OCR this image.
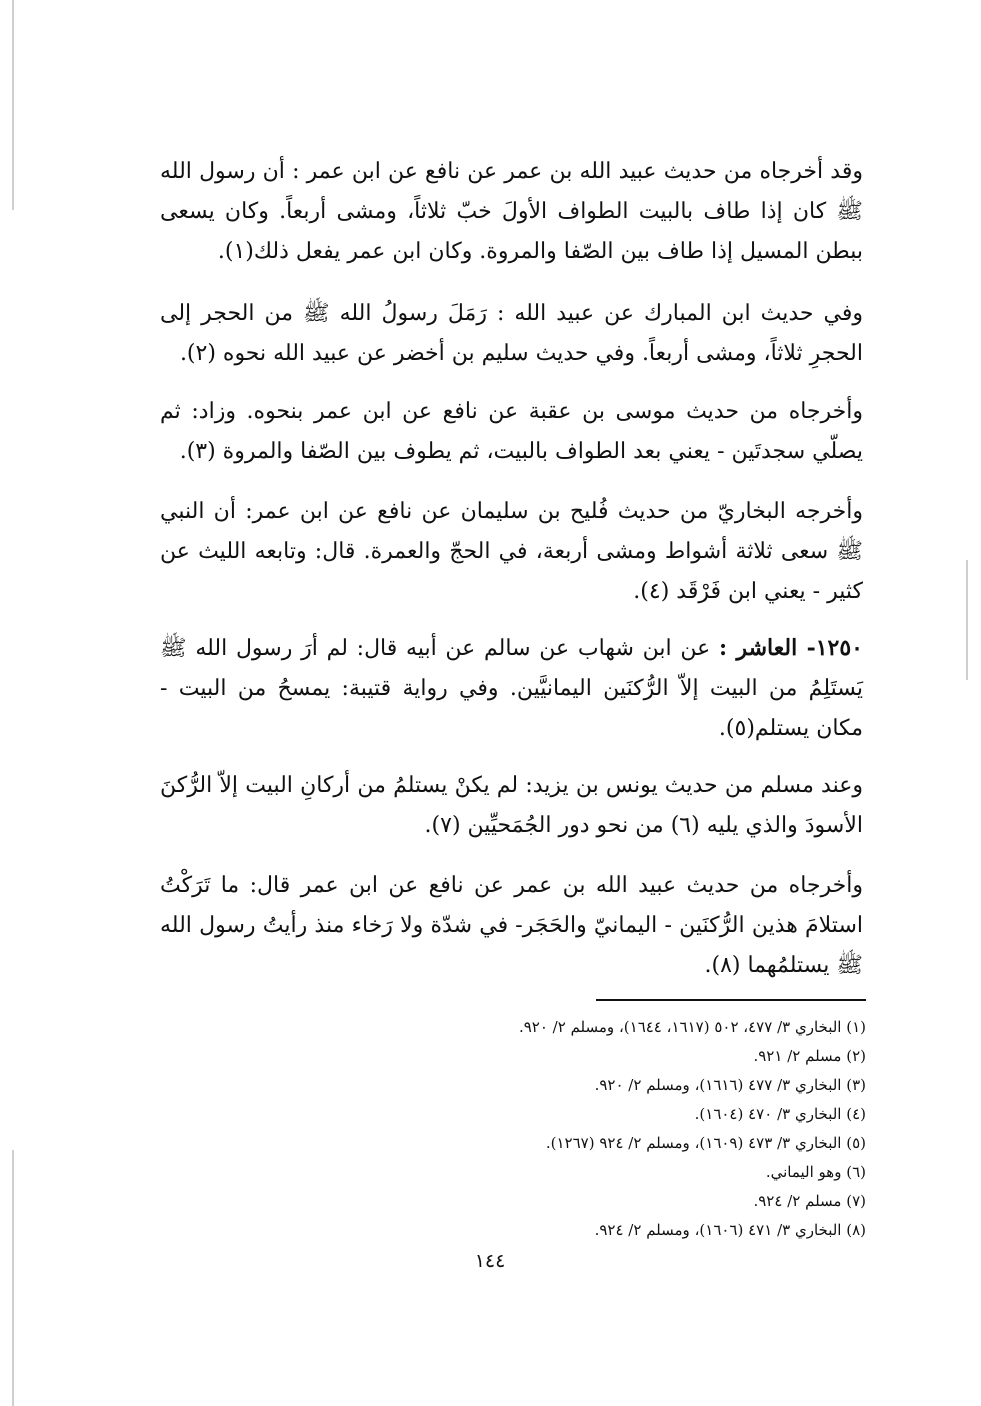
وقد أخرجاه من حديث عبيد الله بن عمر عن نافع عن ابن عمر : أن رسول الله ﷺ كان إذا طاف بالبيت الطواف الأولَ خبّ ثلاثاً، ومشى أربعاً. وكان يسعى ببطن المسيل إذا طاف بين الصّفا والمروة. وكان ابن عمر يفعل ذلك(١).

وفي حديث ابن المبارك عن عبيد الله : رَمَلَ رسولُ الله ﷺ من الحجر إلى الحجرِ ثلاثاً، ومشى أربعاً. وفي حديث سليم بن أخضر عن عبيد الله نحوه (٢).

وأخرجاه من حديث موسى بن عقبة عن نافع عن ابن عمر بنحوه. وزاد: ثم يصلّي سجدتَين - يعني بعد الطواف بالبيت، ثم يطوف بين الصّفا والمروة (٣).

وأخرجه البخاريّ من حديث فُليح بن سليمان عن نافع عن ابن عمر: أن النبي ﷺ سعى ثلاثة أشواط ومشى أربعة، في الحجّ والعمرة. قال: وتابعه الليث عن كثير - يعني ابن فَرْقَد (٤).

١٢٥٠- العاشر : عن ابن شهاب عن سالم عن أبيه قال: لم أرَ رسول الله ﷺ يَستَلِمُ من البيت إلاّ الرُّكنَين اليمانيَّين. وفي رواية قتيبة: يمسحُ من البيت - مكان يستلم(٥).

وعند مسلم من حديث يونس بن يزيد: لم يكنْ يستلمُ من أركانِ البيت إلاّ الرُّكنَ الأسودَ والذي يليه (٦) من نحو دور الجُمَحيِّين (٧).

وأخرجاه من حديث عبيد الله بن عمر عن نافع عن ابن عمر قال: ما تَرَكْتُ استلامَ هذين الرُّكنَين - اليمانيّ والحَجَر- في شدّة ولا رَخاء منذ رأيتُ رسول الله ﷺ يستلمُهما (٨).

(١) البخاري ٣/ ٤٧٧، ٥٠٢ (١٦١٧، ١٦٤٤)، ومسلم ٢/ ٩٢٠.

(٢) مسلم ٢/ ٩٢١.

(٣) البخاري ٣/ ٤٧٧ (١٦١٦)، ومسلم ٢/ ٩٢٠.

(٤) البخاري ٣/ ٤٧٠ (١٦٠٤).

(٥) البخاري ٣/ ٤٧٣ (١٦٠٩)، ومسلم ٢/ ٩٢٤ (١٢٦٧).

(٦) وهو اليماني.

(٧) مسلم ٢/ ٩٢٤.

(٨) البخاري ٣/ ٤٧١ (١٦٠٦)، ومسلم ٢/ ٩٢٤.

١٤٤
